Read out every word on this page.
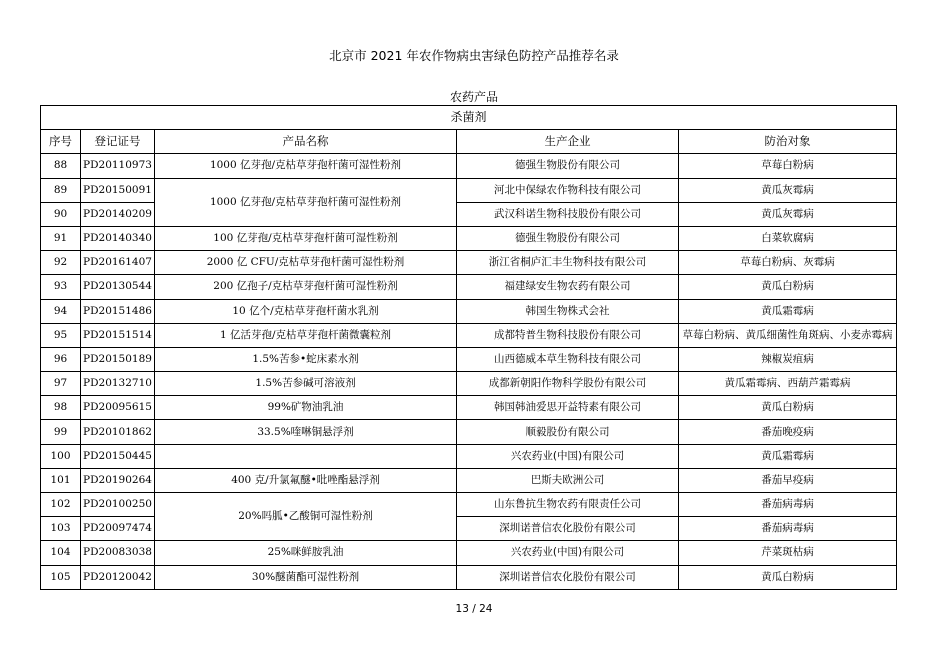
北京市 2021 年农作物病虫害绿色防控产品推荐名录
农药产品
杀菌剂				
序号	登记证号	产品名称	生产企业	防治对象
88	PD20110973	1000 亿芽孢/克枯草芽孢杆菌可湿性粉剂	德强生物股份有限公司	草莓白粉病
89	PD20150091	1000 亿芽孢/克枯草芽孢杆菌可湿性粉剂	河北中保绿农作物科技有限公司	黄瓜灰霉病
90	PD20140209		武汉科诺生物科技股份有限公司	黄瓜灰霉病
91	PD20140340	100 亿芽孢/克枯草芽孢杆菌可湿性粉剂	德强生物股份有限公司	白菜软腐病
92	PD20161407	2000 亿 CFU/克枯草芽孢杆菌可湿性粉剂	浙江省桐庐汇丰生物科技有限公司	草莓白粉病、灰霉病
93	PD20130544	200 亿孢子/克枯草芽孢杆菌可湿性粉剂	福建绿安生物农药有限公司	黄瓜白粉病
94	PD20151486	10 亿个/克枯草芽孢杆菌水乳剂	韩国生物株式会社	黄瓜霜霉病
95	PD20151514	1 亿活芽孢/克枯草芽孢杆菌微囊粒剂	成都特普生物科技股份有限公司	草莓白粉病、黄瓜细菌性角斑病、小麦赤霉病
96	PD20150189	1.5%苦参•蛇床素水剂	山西德威本草生物科技有限公司	辣椒炭疽病
97	PD20132710	1.5%苦参碱可溶液剂	成都新朝阳作物科学股份有限公司	黄瓜霜霉病、西葫芦霜霉病
98	PD20095615	99%矿物油乳油	韩国韩油爱思开益特素有限公司	黄瓜白粉病
99	PD20101862	33.5%喹啉铜悬浮剂	顺毅股份有限公司	番茄晚疫病
100	PD20150445		兴农药业(中国)有限公司	黄瓜霜霉病
101	PD20190264	400 克/升氯氟醚•吡唑酯悬浮剂	巴斯夫欧洲公司	番茄早疫病
102	PD20100250	20%吗胍•乙酸铜可湿性粉剂	山东鲁抗生物农药有限责任公司	番茄病毒病
103	PD20097474		深圳诺普信农化股份有限公司	番茄病毒病
104	PD20083038	25%咪鲜胺乳油	兴农药业(中国)有限公司	芹菜斑枯病
105	PD20120042	30%醚菌酯可湿性粉剂	深圳诺普信农化股份有限公司	黄瓜白粉病
13 / 24
